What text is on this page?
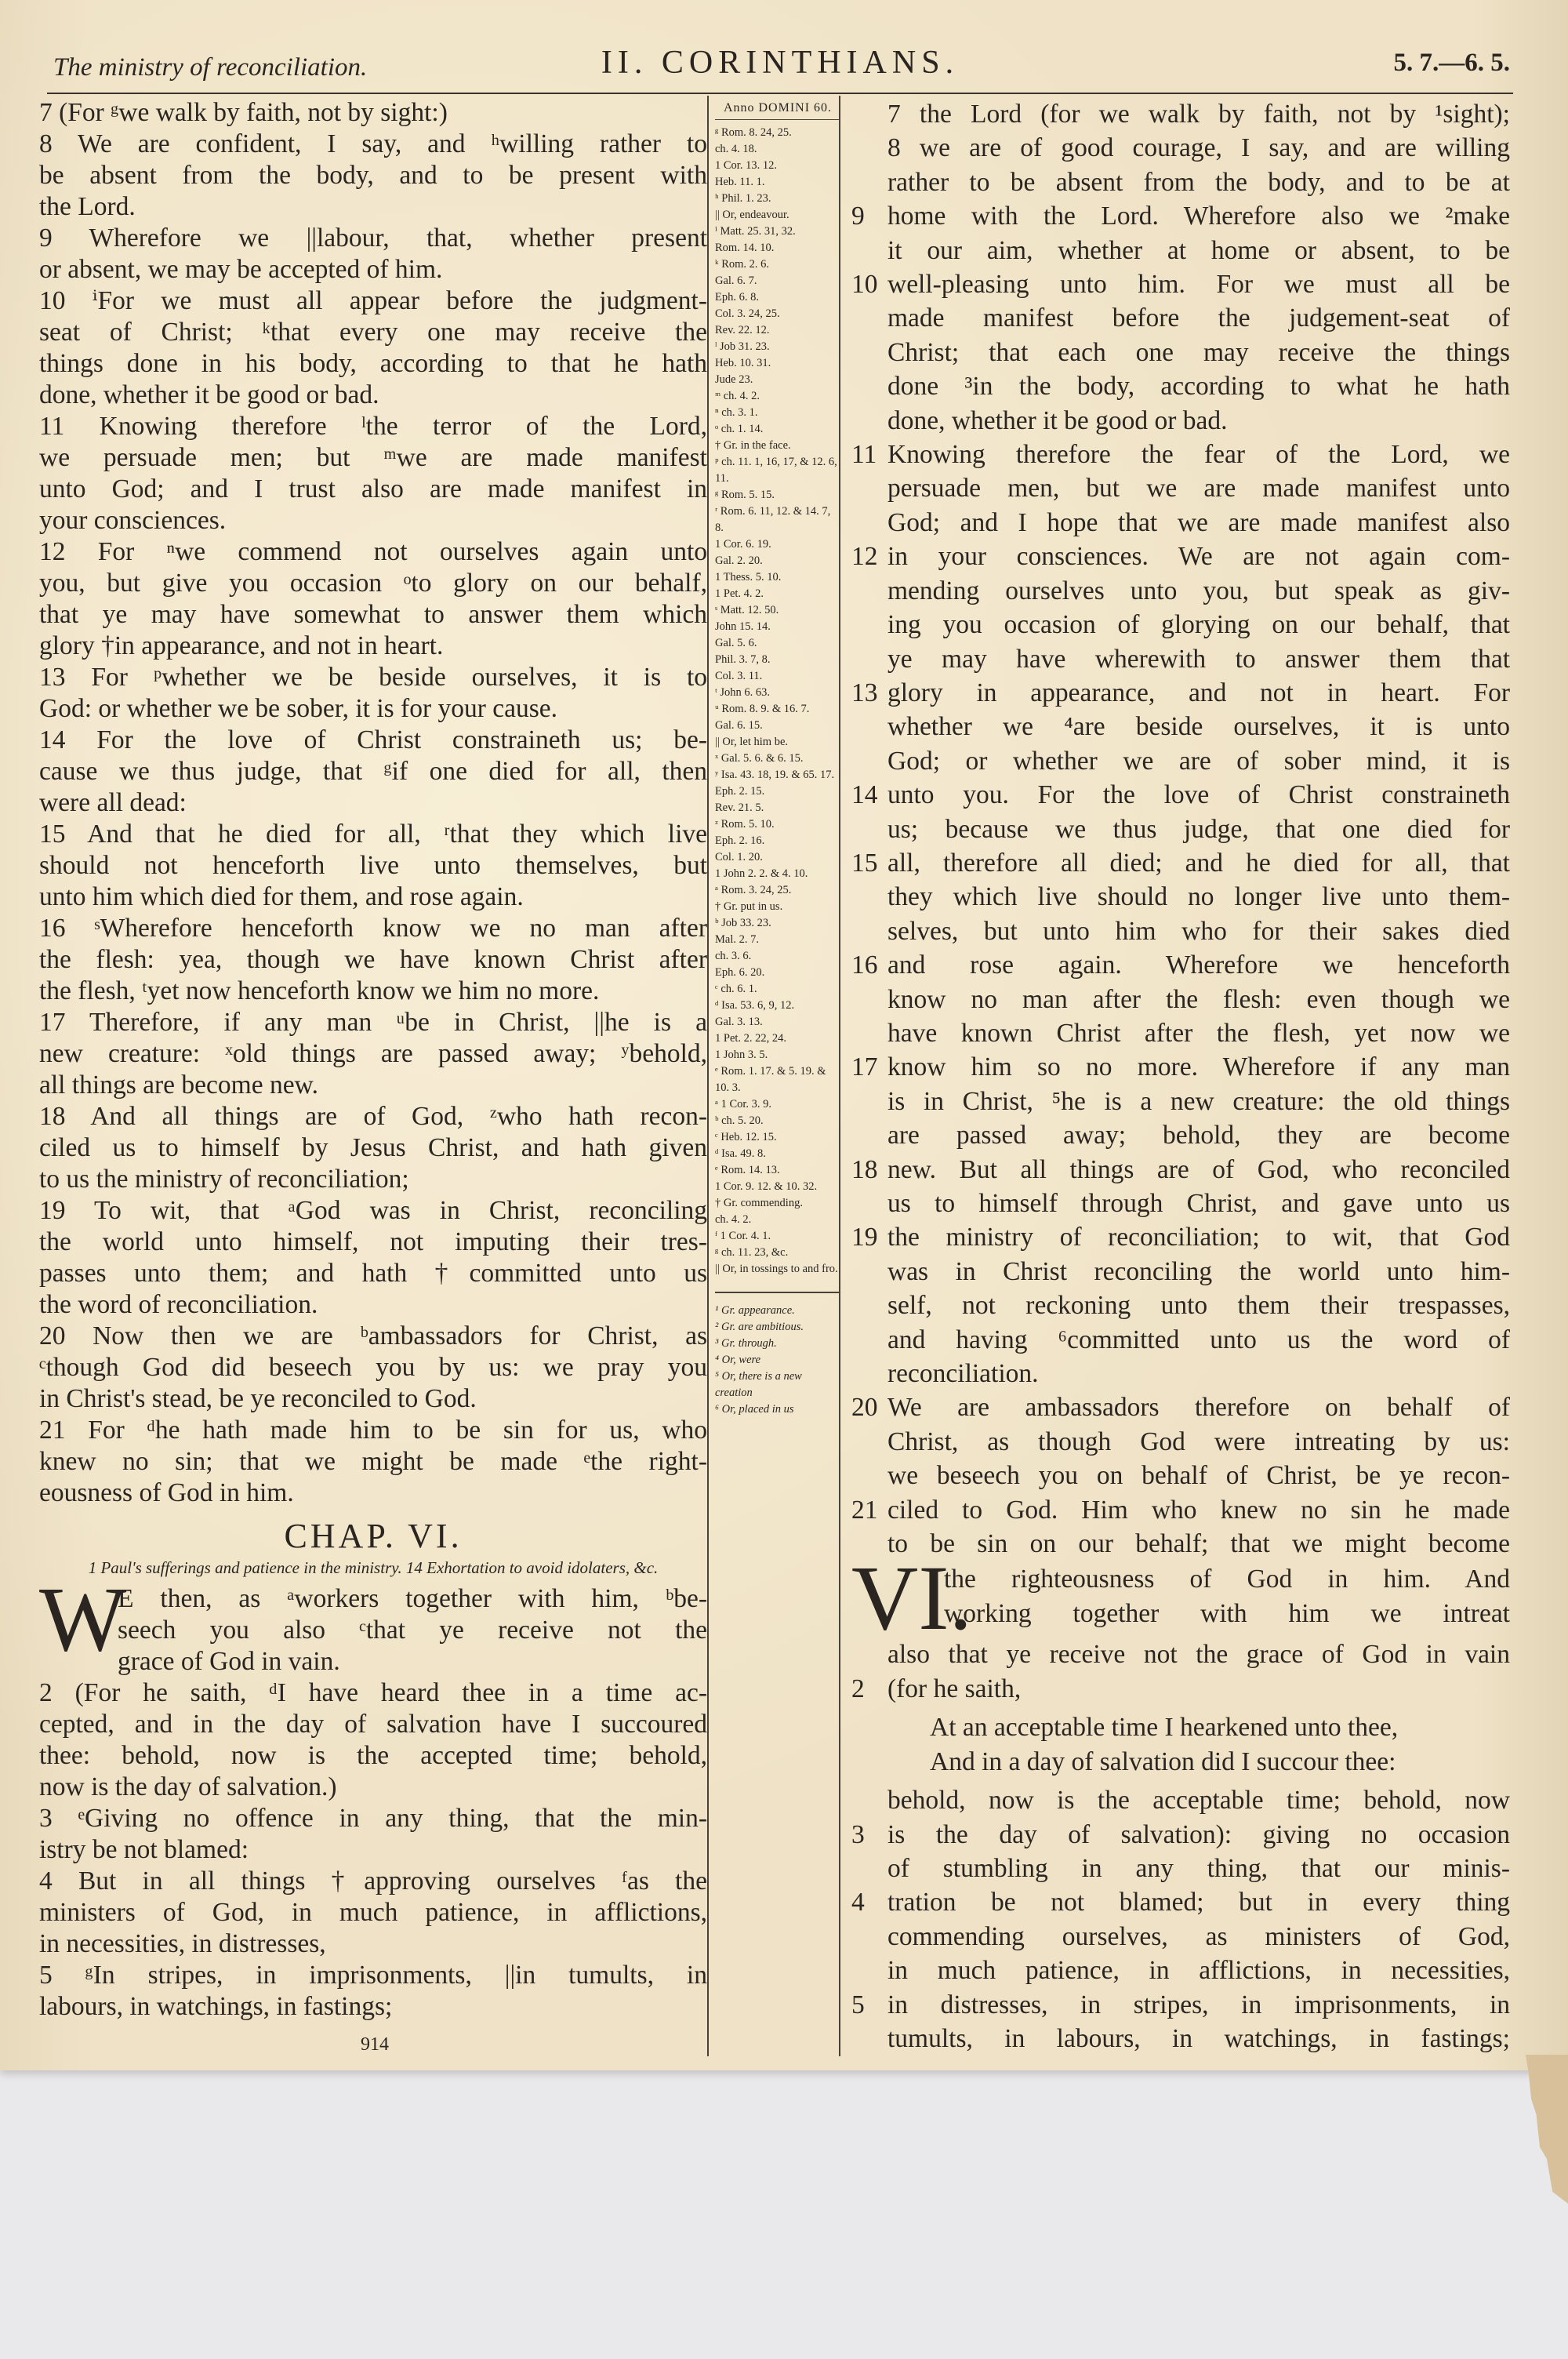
The ministry of reconciliation.	II. CORINTHIANS.	5. 7.—6. 5.
7 (For ᵍwe walk by faith, not by sight:)
8 We are confident, I say, and ʰwilling rather to
be absent from the body, and to be present with
the Lord.
9 Wherefore we ||labour, that, whether present
or absent, we may be accepted of him.
10 ⁱFor we must all appear before the judgment-
seat of Christ; ᵏthat every one may receive the
things done in his body, according to that he hath
done, whether it be good or bad.
11 Knowing therefore ˡthe terror of the Lord,
we persuade men; but ᵐwe are made manifest
unto God; and I trust also are made manifest in
your consciences.
12 For ⁿwe commend not ourselves again unto
you, but give you occasion ᵒto glory on our behalf,
that ye may have somewhat to answer them which
glory †in appearance, and not in heart.
13 For ᵖwhether we be beside ourselves, it is to
God: or whether we be sober, it is for your cause.
14 For the love of Christ constraineth us; be-
cause we thus judge, that ᵍif one died for all, then
were all dead:
15 And that he died for all, ʳthat they which live
should not henceforth live unto themselves, but
unto him which died for them, and rose again.
16 ˢWherefore henceforth know we no man after
the flesh: yea, though we have known Christ after
the flesh, ᵗyet now henceforth know we him no more.
17 Therefore, if any man ᵘbe in Christ, ||he is a
new creature: ˣold things are passed away; ʸbehold,
all things are become new.
18 And all things are of God, ᶻwho hath recon-
ciled us to himself by Jesus Christ, and hath given
to us the ministry of reconciliation;
19 To wit, that ᵃGod was in Christ, reconciling
the world unto himself, not imputing their tres-
passes unto them; and hath †committed unto us
the word of reconciliation.
20 Now then we are ᵇambassadors for Christ, as
ᶜthough God did beseech you by us: we pray you
in Christ's stead, be ye reconciled to God.
21 For ᵈhe hath made him to be sin for us, who
knew no sin; that we might be made ᵉthe right-
eousness of God in him.
CHAP. VI.
1 Paul's sufferings and patience in the ministry. 14 Exhortation to avoid idolaters, &c.
W
E then, as ᵃworkers together with him, ᵇbe-
seech you also ᶜthat ye receive not the
grace of God in vain.
2 (For he saith, ᵈI have heard thee in a time ac-
cepted, and in the day of salvation have I succoured
thee: behold, now is the accepted time; behold,
now is the day of salvation.)
3 ᵉGiving no offence in any thing, that the min-
istry be not blamed:
4 But in all things †approving ourselves ᶠas the
ministers of God, in much patience, in afflictions,
in necessities, in distresses,
5 ᵍIn stripes, in imprisonments, ||in tumults, in
labours, in watchings, in fastings;
Anno DOMINI 60.
ᵍ Rom. 8. 24, 25.
ch. 4. 18.
1 Cor. 13. 12.
Heb. 11. 1.
ʰ Phil. 1. 23.
|| Or, endeavour.
ⁱ Matt. 25. 31, 32.
Rom. 14. 10.
ᵏ Rom. 2. 6.
Gal. 6. 7.
Eph. 6. 8.
Col. 3. 24, 25.
Rev. 22. 12.
ˡ Job 31. 23.
Heb. 10. 31.
Jude 23.
ᵐ ch. 4. 2.
ⁿ ch. 3. 1.
ᵒ ch. 1. 14.
† Gr. in the face.
ᵖ ch. 11. 1, 16, 17, & 12. 6, 11.
ᵍ Rom. 5. 15.
ʳ Rom. 6. 11, 12. & 14. 7, 8.
1 Cor. 6. 19.
Gal. 2. 20.
1 Thess. 5. 10.
1 Pet. 4. 2.
ˢ Matt. 12. 50.
John 15. 14.
Gal. 5. 6.
Phil. 3. 7, 8.
Col. 3. 11.
ᵗ John 6. 63.
ᵘ Rom. 8. 9. & 16. 7.
Gal. 6. 15.
|| Or, let him be.
ˣ Gal. 5. 6. & 6. 15.
ʸ Isa. 43. 18, 19. & 65. 17.
Eph. 2. 15.
Rev. 21. 5.
ᶻ Rom. 5. 10.
Eph. 2. 16.
Col. 1. 20.
1 John 2. 2. & 4. 10.
ᵃ Rom. 3. 24, 25.
† Gr. put in us.
ᵇ Job 33. 23.
Mal. 2. 7.
ch. 3. 6.
Eph. 6. 20.
ᶜ ch. 6. 1.
ᵈ Isa. 53. 6, 9, 12.
Gal. 3. 13.
1 Pet. 2. 22, 24.
1 John 3. 5.
ᵉ Rom. 1. 17. & 5. 19. & 10. 3.
ᵃ 1 Cor. 3. 9.
ᵇ ch. 5. 20.
ᶜ Heb. 12. 15.
ᵈ Isa. 49. 8.
ᵉ Rom. 14. 13.
1 Cor. 9. 12. & 10. 32.
† Gr. commending.
ch. 4. 2.
ᶠ 1 Cor. 4. 1.
ᵍ ch. 11. 23, &c.
|| Or, in tossings to and fro.
¹ Gr. appearance.
² Gr. are ambitious.
³ Gr. through.
⁴ Or, were
⁵ Or, there is a new creation
⁶ Or, placed in us
7 the Lord (for we walk by faith, not by ¹sight);
8 we are of good courage, I say, and are willing
rather to be absent from the body, and to be at
9 home with the Lord. Wherefore also we ²make
it our aim, whether at home or absent, to be
10 well-pleasing unto him. For we must all be
made manifest before the judgement-seat of
Christ; that each one may receive the things
done ³in the body, according to what he hath
done, whether it be good or bad.
11 Knowing therefore the fear of the Lord, we
persuade men, but we are made manifest unto
God; and I hope that we are made manifest also
12 in your consciences. We are not again com-
mending ourselves unto you, but speak as giv-
ing you occasion of glorying on our behalf, that
ye may have wherewith to answer them that
13 glory in appearance, and not in heart. For
whether we ⁴are beside ourselves, it is unto
God; or whether we are of sober mind, it is
14 unto you. For the love of Christ constraineth
us; because we thus judge, that one died for
15 all, therefore all died; and he died for all, that
they which live should no longer live unto them-
selves, but unto him who for their sakes died
16 and rose again. Wherefore we henceforth
know no man after the flesh: even though we
have known Christ after the flesh, yet now we
17 know him so no more. Wherefore if any man
is in Christ, ⁵he is a new creature: the old things
are passed away; behold, they are become
18 new. But all things are of God, who reconciled
us to himself through Christ, and gave unto us
19 the ministry of reconciliation; to wit, that God
was in Christ reconciling the world unto him-
self, not reckoning unto them their trespasses,
and having ⁶committed unto us the word of
reconciliation.
20 We are ambassadors therefore on behalf of
Christ, as though God were intreating by us:
we beseech you on behalf of Christ, be ye recon-
21 ciled to God. Him who knew no sin he made
to be sin on our behalf; that we might become
VI.
the righteousness of God in him. And
working together with him we intreat
also that ye receive not the grace of God in vain
2 (for he saith,
At an acceptable time I hearkened unto thee,
And in a day of salvation did I succour thee:
behold, now is the acceptable time; behold, now
3 is the day of salvation): giving no occasion
of stumbling in any thing, that our minis-
4 tration be not blamed; but in every thing
commending ourselves, as ministers of God,
in much patience, in afflictions, in necessities,
5 in distresses, in stripes, in imprisonments, in
tumults, in labours, in watchings, in fastings;
914
